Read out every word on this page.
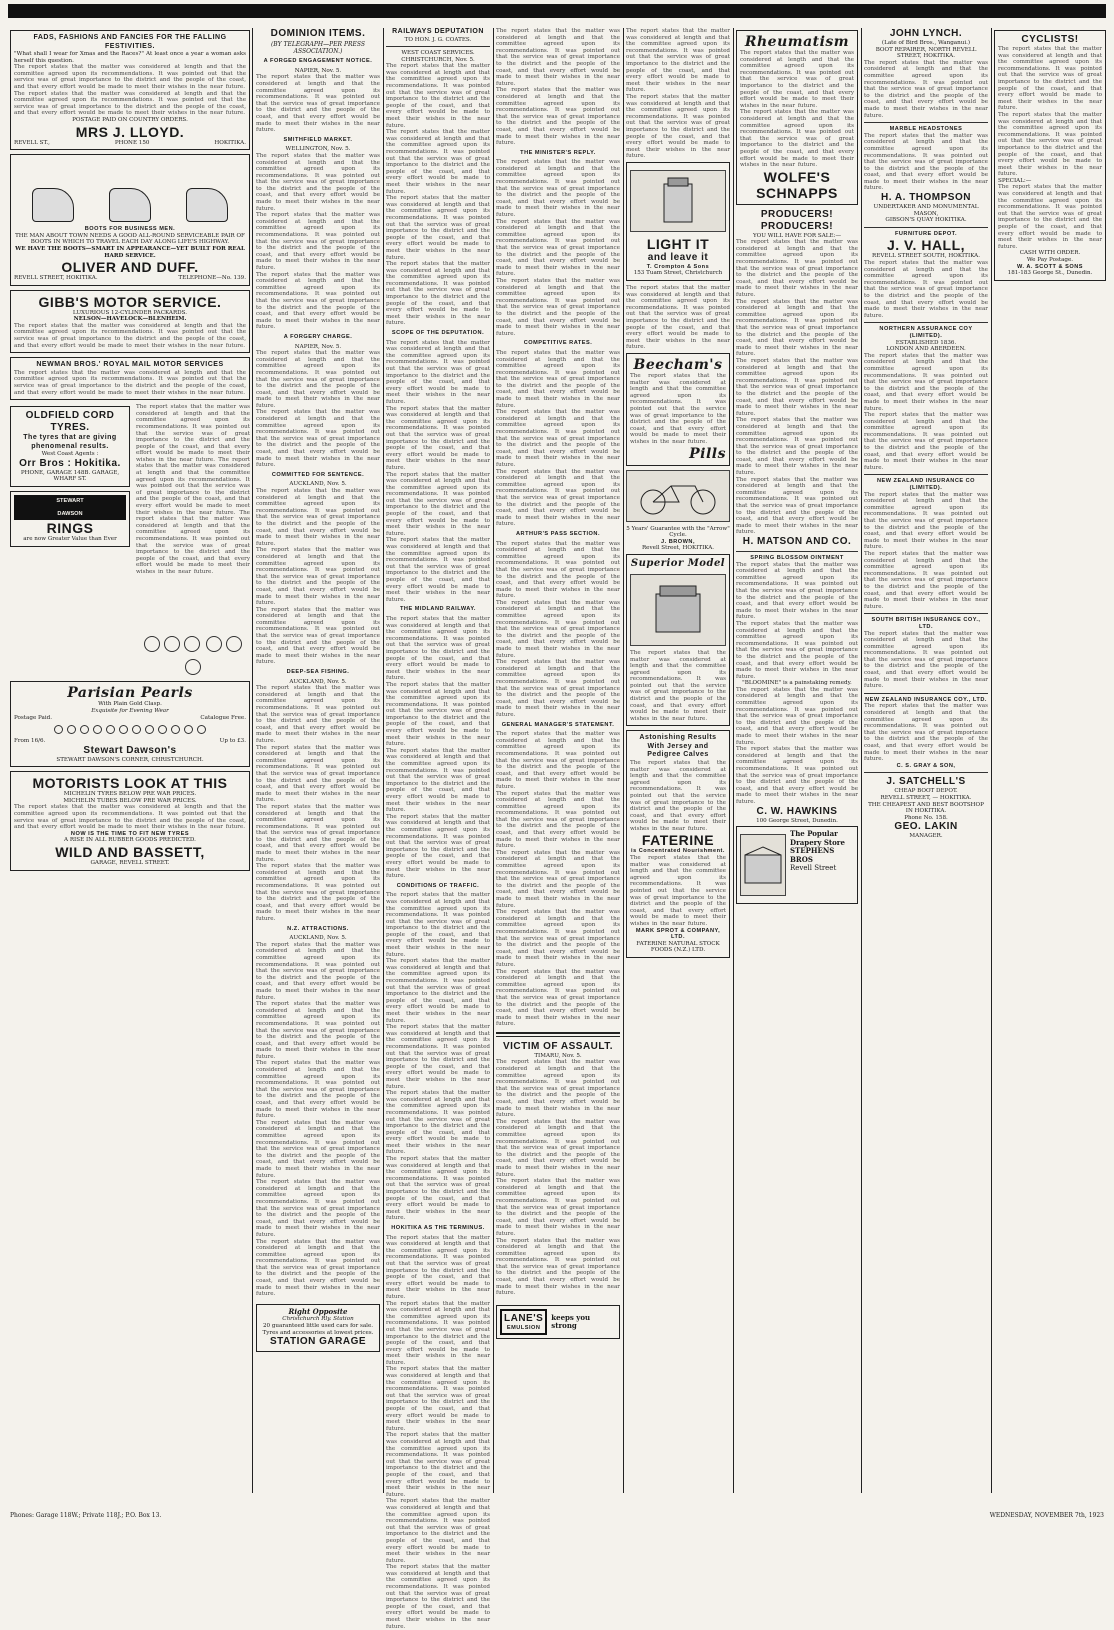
FADS, FASHIONS AND FANCIES FOR THE FALLING FESTIVITIES.
"What shall I wear for Xmas and the Races?" At least once a year a woman asks herself this question.
The report states that the matter was considered at length and that the committee agreed upon its recommendations. It was pointed out that the service was of great importance to the district and the people of the coast, and that every effort would be made to meet their wishes in the near future.
The report states that the matter was considered at length and that the committee agreed upon its recommendations. It was pointed out that the service was of great importance to the district and the people of the coast, and that every effort would be made to meet their wishes in the near future.
POSTAGE PAID ON COUNTRY ORDERS.
MRS J. LLOYD.
REVELL ST.,	PHONE 150	HOKITIKA.
BOOTS FOR BUSINESS MEN.
THE MAN ABOUT TOWN NEEDS A GOOD ALL-ROUND SERVICEABLE PAIR OF BOOTS IN WHICH TO TRAVEL EACH DAY ALONG LIFE'S HIGHWAY.
WE HAVE THE BOOTS—SMART IN APPEARANCE—YET BUILT FOR REAL HARD SERVICE.
OLIVER AND DUFF.
REVELL STREET, HOKITIKA.	TELEPHONE—No. 139.
GIBB'S MOTOR SERVICE.
LUXURIOUS 12-CYLINDER PACKARDS.
NELSON—HAVELOCK—BLENHEIM.
The report states that the matter was considered at length and that the committee agreed upon its recommendations. It was pointed out that the service was of great importance to the district and the people of the coast, and that every effort would be made to meet their wishes in the near future.
NEWMAN BROS.' ROYAL MAIL MOTOR SERVICES
The report states that the matter was considered at length and that the committee agreed upon its recommendations. It was pointed out that the service was of great importance to the district and the people of the coast, and that every effort would be made to meet their wishes in the near future.
OLDFIELD CORD TYRES.
The tyres that are giving phenomenal results.
West Coast Agents :
Orr Bros : Hokitika.
PHONE, GARAGE 148B. GARAGE, WHARF ST.
STEWART
DAWSON
RINGS
are now Greater Value than Ever
The report states that the matter was considered at length and that the committee agreed upon its recommendations. It was pointed out that the service was of great importance to the district and the people of the coast, and that every effort would be made to meet their wishes in the near future. The report states that the matter was considered at length and that the committee agreed upon its recommendations. It was pointed out that the service was of great importance to the district and the people of the coast, and that every effort would be made to meet their wishes in the near future. The report states that the matter was considered at length and that the committee agreed upon its recommendations. It was pointed out that the service was of great importance to the district and the people of the coast, and that every effort would be made to meet their wishes in the near future.

Parisian Pearls
With Plain Gold Clasp.
Exquisite for Evening Wear
Postage Paid.	Catalogue Free.
From 16/6.	Up to £3.
Stewart Dawson's
STEWART DAWSON'S CORNER, CHRISTCHURCH.
MOTORISTS LOOK AT THIS
MICHELIN TYRES BELOW PRE WAR PRICES.
MICHELIN TUBES BELOW PRE WAR PRICES.
The report states that the matter was considered at length and that the committee agreed upon its recommendations. It was pointed out that the service was of great importance to the district and the people of the coast, and that every effort would be made to meet their wishes in the near future.
NOW IS THE TIME TO FIT NEW TYRES
A RISE IN ALL RUBBER GOODS PREDICTED.
WILD AND BASSETT,
GARAGE, REVELL STREET.
DOMINION ITEMS.
(BY TELEGRAPH—PER PRESS ASSOCIATION.)
A FORGED ENGAGEMENT NOTICE.
NAPIER, Nov. 5.
The report states that the matter was considered at length and that the committee agreed upon its recommendations. It was pointed out that the service was of great importance to the district and the people of the coast, and that every effort would be made to meet their wishes in the near future.
SMITHFIELD MARKET.
WELLINGTON, Nov. 5.
The report states that the matter was considered at length and that the committee agreed upon its recommendations. It was pointed out that the service was of great importance to the district and the people of the coast, and that every effort would be made to meet their wishes in the near future.
The report states that the matter was considered at length and that the committee agreed upon its recommendations. It was pointed out that the service was of great importance to the district and the people of the coast, and that every effort would be made to meet their wishes in the near future.
The report states that the matter was considered at length and that the committee agreed upon its recommendations. It was pointed out that the service was of great importance to the district and the people of the coast, and that every effort would be made to meet their wishes in the near future.
A FORGERY CHARGE.
NAPIER, Nov. 5.
The report states that the matter was considered at length and that the committee agreed upon its recommendations. It was pointed out that the service was of great importance to the district and the people of the coast, and that every effort would be made to meet their wishes in the near future.
The report states that the matter was considered at length and that the committee agreed upon its recommendations. It was pointed out that the service was of great importance to the district and the people of the coast, and that every effort would be made to meet their wishes in the near future.
COMMITTED FOR SENTENCE.
AUCKLAND, Nov. 5.
The report states that the matter was considered at length and that the committee agreed upon its recommendations. It was pointed out that the service was of great importance to the district and the people of the coast, and that every effort would be made to meet their wishes in the near future.
The report states that the matter was considered at length and that the committee agreed upon its recommendations. It was pointed out that the service was of great importance to the district and the people of the coast, and that every effort would be made to meet their wishes in the near future.
The report states that the matter was considered at length and that the committee agreed upon its recommendations. It was pointed out that the service was of great importance to the district and the people of the coast, and that every effort would be made to meet their wishes in the near future.
DEEP-SEA FISHING.
AUCKLAND, Nov. 5.
The report states that the matter was considered at length and that the committee agreed upon its recommendations. It was pointed out that the service was of great importance to the district and the people of the coast, and that every effort would be made to meet their wishes in the near future.
The report states that the matter was considered at length and that the committee agreed upon its recommendations. It was pointed out that the service was of great importance to the district and the people of the coast, and that every effort would be made to meet their wishes in the near future.
The report states that the matter was considered at length and that the committee agreed upon its recommendations. It was pointed out that the service was of great importance to the district and the people of the coast, and that every effort would be made to meet their wishes in the near future.
The report states that the matter was considered at length and that the committee agreed upon its recommendations. It was pointed out that the service was of great importance to the district and the people of the coast, and that every effort would be made to meet their wishes in the near future.
N.Z. ATTRACTIONS.
AUCKLAND, Nov. 5.
The report states that the matter was considered at length and that the committee agreed upon its recommendations. It was pointed out that the service was of great importance to the district and the people of the coast, and that every effort would be made to meet their wishes in the near future.
The report states that the matter was considered at length and that the committee agreed upon its recommendations. It was pointed out that the service was of great importance to the district and the people of the coast, and that every effort would be made to meet their wishes in the near future.
The report states that the matter was considered at length and that the committee agreed upon its recommendations. It was pointed out that the service was of great importance to the district and the people of the coast, and that every effort would be made to meet their wishes in the near future.
The report states that the matter was considered at length and that the committee agreed upon its recommendations. It was pointed out that the service was of great importance to the district and the people of the coast, and that every effort would be made to meet their wishes in the near future.
The report states that the matter was considered at length and that the committee agreed upon its recommendations. It was pointed out that the service was of great importance to the district and the people of the coast, and that every effort would be made to meet their wishes in the near future.
The report states that the matter was considered at length and that the committee agreed upon its recommendations. It was pointed out that the service was of great importance to the district and the people of the coast, and that every effort would be made to meet their wishes in the near future.
Right Opposite
Christchurch Rly. Station
20 guaranteed little used cars for sale.
Tyres and accessories at lowest prices.
STATION GARAGE
RAILWAYS DEPUTATION
TO HON. J. G. COATES.
WEST COAST SERVICES.
CHRISTCHURCH, Nov. 5.
The report states that the matter was considered at length and that the committee agreed upon its recommendations. It was pointed out that the service was of great importance to the district and the people of the coast, and that every effort would be made to meet their wishes in the near future.
The report states that the matter was considered at length and that the committee agreed upon its recommendations. It was pointed out that the service was of great importance to the district and the people of the coast, and that every effort would be made to meet their wishes in the near future.
The report states that the matter was considered at length and that the committee agreed upon its recommendations. It was pointed out that the service was of great importance to the district and the people of the coast, and that every effort would be made to meet their wishes in the near future.
The report states that the matter was considered at length and that the committee agreed upon its recommendations. It was pointed out that the service was of great importance to the district and the people of the coast, and that every effort would be made to meet their wishes in the near future.
SCOPE OF THE DEPUTATION.
The report states that the matter was considered at length and that the committee agreed upon its recommendations. It was pointed out that the service was of great importance to the district and the people of the coast, and that every effort would be made to meet their wishes in the near future.
The report states that the matter was considered at length and that the committee agreed upon its recommendations. It was pointed out that the service was of great importance to the district and the people of the coast, and that every effort would be made to meet their wishes in the near future.
The report states that the matter was considered at length and that the committee agreed upon its recommendations. It was pointed out that the service was of great importance to the district and the people of the coast, and that every effort would be made to meet their wishes in the near future.
The report states that the matter was considered at length and that the committee agreed upon its recommendations. It was pointed out that the service was of great importance to the district and the people of the coast, and that every effort would be made to meet their wishes in the near future.
THE MIDLAND RAILWAY.
The report states that the matter was considered at length and that the committee agreed upon its recommendations. It was pointed out that the service was of great importance to the district and the people of the coast, and that every effort would be made to meet their wishes in the near future.
The report states that the matter was considered at length and that the committee agreed upon its recommendations. It was pointed out that the service was of great importance to the district and the people of the coast, and that every effort would be made to meet their wishes in the near future.
The report states that the matter was considered at length and that the committee agreed upon its recommendations. It was pointed out that the service was of great importance to the district and the people of the coast, and that every effort would be made to meet their wishes in the near future.
The report states that the matter was considered at length and that the committee agreed upon its recommendations. It was pointed out that the service was of great importance to the district and the people of the coast, and that every effort would be made to meet their wishes in the near future.
CONDITIONS OF TRAFFIC.
The report states that the matter was considered at length and that the committee agreed upon its recommendations. It was pointed out that the service was of great importance to the district and the people of the coast, and that every effort would be made to meet their wishes in the near future.
The report states that the matter was considered at length and that the committee agreed upon its recommendations. It was pointed out that the service was of great importance to the district and the people of the coast, and that every effort would be made to meet their wishes in the near future.
The report states that the matter was considered at length and that the committee agreed upon its recommendations. It was pointed out that the service was of great importance to the district and the people of the coast, and that every effort would be made to meet their wishes in the near future.
The report states that the matter was considered at length and that the committee agreed upon its recommendations. It was pointed out that the service was of great importance to the district and the people of the coast, and that every effort would be made to meet their wishes in the near future.
The report states that the matter was considered at length and that the committee agreed upon its recommendations. It was pointed out that the service was of great importance to the district and the people of the coast, and that every effort would be made to meet their wishes in the near future.
HOKITIKA AS THE TERMINUS.
The report states that the matter was considered at length and that the committee agreed upon its recommendations. It was pointed out that the service was of great importance to the district and the people of the coast, and that every effort would be made to meet their wishes in the near future.
The report states that the matter was considered at length and that the committee agreed upon its recommendations. It was pointed out that the service was of great importance to the district and the people of the coast, and that every effort would be made to meet their wishes in the near future.
The report states that the matter was considered at length and that the committee agreed upon its recommendations. It was pointed out that the service was of great importance to the district and the people of the coast, and that every effort would be made to meet their wishes in the near future.
The report states that the matter was considered at length and that the committee agreed upon its recommendations. It was pointed out that the service was of great importance to the district and the people of the coast, and that every effort would be made to meet their wishes in the near future.
The report states that the matter was considered at length and that the committee agreed upon its recommendations. It was pointed out that the service was of great importance to the district and the people of the coast, and that every effort would be made to meet their wishes in the near future.
The report states that the matter was considered at length and that the committee agreed upon its recommendations. It was pointed out that the service was of great importance to the district and the people of the coast, and that every effort would be made to meet their wishes in the near future.
The report states that the matter was considered at length and that the committee agreed upon its recommendations. It was pointed out that the service was of great importance to the district and the people of the coast, and that every effort would be made to meet their wishes in the near future.
The report states that the matter was considered at length and that the committee agreed upon its recommendations. It was pointed out that the service was of great importance to the district and the people of the coast, and that every effort would be made to meet their wishes in the near future.
THE MINISTER'S REPLY.
The report states that the matter was considered at length and that the committee agreed upon its recommendations. It was pointed out that the service was of great importance to the district and the people of the coast, and that every effort would be made to meet their wishes in the near future.
The report states that the matter was considered at length and that the committee agreed upon its recommendations. It was pointed out that the service was of great importance to the district and the people of the coast, and that every effort would be made to meet their wishes in the near future.
The report states that the matter was considered at length and that the committee agreed upon its recommendations. It was pointed out that the service was of great importance to the district and the people of the coast, and that every effort would be made to meet their wishes in the near future.
COMPETITIVE RATES.
The report states that the matter was considered at length and that the committee agreed upon its recommendations. It was pointed out that the service was of great importance to the district and the people of the coast, and that every effort would be made to meet their wishes in the near future.
The report states that the matter was considered at length and that the committee agreed upon its recommendations. It was pointed out that the service was of great importance to the district and the people of the coast, and that every effort would be made to meet their wishes in the near future.
The report states that the matter was considered at length and that the committee agreed upon its recommendations. It was pointed out that the service was of great importance to the district and the people of the coast, and that every effort would be made to meet their wishes in the near future.
ARTHUR'S PASS SECTION.
The report states that the matter was considered at length and that the committee agreed upon its recommendations. It was pointed out that the service was of great importance to the district and the people of the coast, and that every effort would be made to meet their wishes in the near future.
The report states that the matter was considered at length and that the committee agreed upon its recommendations. It was pointed out that the service was of great importance to the district and the people of the coast, and that every effort would be made to meet their wishes in the near future.
The report states that the matter was considered at length and that the committee agreed upon its recommendations. It was pointed out that the service was of great importance to the district and the people of the coast, and that every effort would be made to meet their wishes in the near future.
GENERAL MANAGER'S STATEMENT.
The report states that the matter was considered at length and that the committee agreed upon its recommendations. It was pointed out that the service was of great importance to the district and the people of the coast, and that every effort would be made to meet their wishes in the near future.
The report states that the matter was considered at length and that the committee agreed upon its recommendations. It was pointed out that the service was of great importance to the district and the people of the coast, and that every effort would be made to meet their wishes in the near future.
The report states that the matter was considered at length and that the committee agreed upon its recommendations. It was pointed out that the service was of great importance to the district and the people of the coast, and that every effort would be made to meet their wishes in the near future.
The report states that the matter was considered at length and that the committee agreed upon its recommendations. It was pointed out that the service was of great importance to the district and the people of the coast, and that every effort would be made to meet their wishes in the near future.
The report states that the matter was considered at length and that the committee agreed upon its recommendations. It was pointed out that the service was of great importance to the district and the people of the coast, and that every effort would be made to meet their wishes in the near future.
VICTIM OF ASSAULT.
TIMARU, Nov. 5.
The report states that the matter was considered at length and that the committee agreed upon its recommendations. It was pointed out that the service was of great importance to the district and the people of the coast, and that every effort would be made to meet their wishes in the near future.
The report states that the matter was considered at length and that the committee agreed upon its recommendations. It was pointed out that the service was of great importance to the district and the people of the coast, and that every effort would be made to meet their wishes in the near future.
The report states that the matter was considered at length and that the committee agreed upon its recommendations. It was pointed out that the service was of great importance to the district and the people of the coast, and that every effort would be made to meet their wishes in the near future.
The report states that the matter was considered at length and that the committee agreed upon its recommendations. It was pointed out that the service was of great importance to the district and the people of the coast, and that every effort would be made to meet their wishes in the near future.
LANE'S
EMULSION
keeps you strong
The report states that the matter was considered at length and that the committee agreed upon its recommendations. It was pointed out that the service was of great importance to the district and the people of the coast, and that every effort would be made to meet their wishes in the near future.
The report states that the matter was considered at length and that the committee agreed upon its recommendations. It was pointed out that the service was of great importance to the district and the people of the coast, and that every effort would be made to meet their wishes in the near future.
LIGHT IT
and leave it
T. Crompton & Sons
153 Tuam Street, Christchurch
The report states that the matter was considered at length and that the committee agreed upon its recommendations. It was pointed out that the service was of great importance to the district and the people of the coast, and that every effort would be made to meet their wishes in the near future.
Beecham's
The report states that the matter was considered at length and that the committee agreed upon its recommendations. It was pointed out that the service was of great importance to the district and the people of the coast, and that every effort would be made to meet their wishes in the near future.
Pills
5 Years' Guarantee with the "Arrow" Cycle.
J. BROWN,
Revell Street, HOKITIKA.
Superior Model
The report states that the matter was considered at length and that the committee agreed upon its recommendations. It was pointed out that the service was of great importance to the district and the people of the coast, and that every effort would be made to meet their wishes in the near future.
Astonishing Results With Jersey and Pedigree Calves
The report states that the matter was considered at length and that the committee agreed upon its recommendations. It was pointed out that the service was of great importance to the district and the people of the coast, and that every effort would be made to meet their wishes in the near future.
FATERINE
is Concentrated Nourishment.
The report states that the matter was considered at length and that the committee agreed upon its recommendations. It was pointed out that the service was of great importance to the district and the people of the coast, and that every effort would be made to meet their wishes in the near future.
MARK SPROT & COMPANY, LTD.
FATERINE NATURAL STOCK FOODS (N.Z.) LTD.
Rheumatism
The report states that the matter was considered at length and that the committee agreed upon its recommendations. It was pointed out that the service was of great importance to the district and the people of the coast, and that every effort would be made to meet their wishes in the near future.
The report states that the matter was considered at length and that the committee agreed upon its recommendations. It was pointed out that the service was of great importance to the district and the people of the coast, and that every effort would be made to meet their wishes in the near future.
WOLFE'S
SCHNAPPS
PRODUCERS! PRODUCERS!
YOU WILL HAVE FOR SALE:—
The report states that the matter was considered at length and that the committee agreed upon its recommendations. It was pointed out that the service was of great importance to the district and the people of the coast, and that every effort would be made to meet their wishes in the near future.
The report states that the matter was considered at length and that the committee agreed upon its recommendations. It was pointed out that the service was of great importance to the district and the people of the coast, and that every effort would be made to meet their wishes in the near future.
The report states that the matter was considered at length and that the committee agreed upon its recommendations. It was pointed out that the service was of great importance to the district and the people of the coast, and that every effort would be made to meet their wishes in the near future.
The report states that the matter was considered at length and that the committee agreed upon its recommendations. It was pointed out that the service was of great importance to the district and the people of the coast, and that every effort would be made to meet their wishes in the near future.
The report states that the matter was considered at length and that the committee agreed upon its recommendations. It was pointed out that the service was of great importance to the district and the people of the coast, and that every effort would be made to meet their wishes in the near future.
H. MATSON AND CO.
SPRING BLOSSOM OINTMENT
The report states that the matter was considered at length and that the committee agreed upon its recommendations. It was pointed out that the service was of great importance to the district and the people of the coast, and that every effort would be made to meet their wishes in the near future.
The report states that the matter was considered at length and that the committee agreed upon its recommendations. It was pointed out that the service was of great importance to the district and the people of the coast, and that every effort would be made to meet their wishes in the near future.
"BLOOMINE" is a painstaking remedy.
The report states that the matter was considered at length and that the committee agreed upon its recommendations. It was pointed out that the service was of great importance to the district and the people of the coast, and that every effort would be made to meet their wishes in the near future.
The report states that the matter was considered at length and that the committee agreed upon its recommendations. It was pointed out that the service was of great importance to the district and the people of the coast, and that every effort would be made to meet their wishes in the near future.
C. W. HAWKINS
100 George Street, Dunedin.
The Popular Drapery Store
STEPHENS BROS
Revell Street
JOHN LYNCH.
(Late of Bird Bros., Wanganui.)
BOOT REPAIRER, NORTH REVELL STREET, HOKITIKA.
The report states that the matter was considered at length and that the committee agreed upon its recommendations. It was pointed out that the service was of great importance to the district and the people of the coast, and that every effort would be made to meet their wishes in the near future.
MARBLE HEADSTONES
The report states that the matter was considered at length and that the committee agreed upon its recommendations. It was pointed out that the service was of great importance to the district and the people of the coast, and that every effort would be made to meet their wishes in the near future.
H. A. THOMPSON
UNDERTAKER AND MONUMENTAL MASON,
GIBSON'S QUAY HOKITIKA.
FURNITURE DEPOT.
J. V. HALL,
REVELL STREET SOUTH, HOKITIKA.
The report states that the matter was considered at length and that the committee agreed upon its recommendations. It was pointed out that the service was of great importance to the district and the people of the coast, and that every effort would be made to meet their wishes in the near future.
NORTHERN ASSURANCE COY (LIMITED).
ESTABLISHED 1836.
LONDON AND ABERDEEN.
The report states that the matter was considered at length and that the committee agreed upon its recommendations. It was pointed out that the service was of great importance to the district and the people of the coast, and that every effort would be made to meet their wishes in the near future.
The report states that the matter was considered at length and that the committee agreed upon its recommendations. It was pointed out that the service was of great importance to the district and the people of the coast, and that every effort would be made to meet their wishes in the near future.
NEW ZEALAND INSURANCE CO (LIMITED).
The report states that the matter was considered at length and that the committee agreed upon its recommendations. It was pointed out that the service was of great importance to the district and the people of the coast, and that every effort would be made to meet their wishes in the near future.
The report states that the matter was considered at length and that the committee agreed upon its recommendations. It was pointed out that the service was of great importance to the district and the people of the coast, and that every effort would be made to meet their wishes in the near future.
SOUTH BRITISH INSURANCE COY., LTD.
The report states that the matter was considered at length and that the committee agreed upon its recommendations. It was pointed out that the service was of great importance to the district and the people of the coast, and that every effort would be made to meet their wishes in the near future.
NEW ZEALAND INSURANCE COY., LTD.
The report states that the matter was considered at length and that the committee agreed upon its recommendations. It was pointed out that the service was of great importance to the district and the people of the coast, and that every effort would be made to meet their wishes in the near future.
C. S. GRAY & SON,
J. SATCHELL'S
CHEAP BOOT DEPOT.
REVELL STREET, — HOKITIKA.
THE CHEAPEST AND BEST BOOTSHOP IN HOKITIKA.
Phone No. 158.
GEO. LAKIN
MANAGER.
CYCLISTS!
The report states that the matter was considered at length and that the committee agreed upon its recommendations. It was pointed out that the service was of great importance to the district and the people of the coast, and that every effort would be made to meet their wishes in the near future.
The report states that the matter was considered at length and that the committee agreed upon its recommendations. It was pointed out that the service was of great importance to the district and the people of the coast, and that every effort would be made to meet their wishes in the near future.
SPECIAL:—
The report states that the matter was considered at length and that the committee agreed upon its recommendations. It was pointed out that the service was of great importance to the district and the people of the coast, and that every effort would be made to meet their wishes in the near future.
CASH WITH ORDER.
We Pay Postage.
W. A. SCOTT & SONS
181-183 George St., Dunedin.
Phones: Garage 118W.; Private 118J.; P.O. Box 13.	WEDNESDAY, NOVEMBER 7th, 1923
